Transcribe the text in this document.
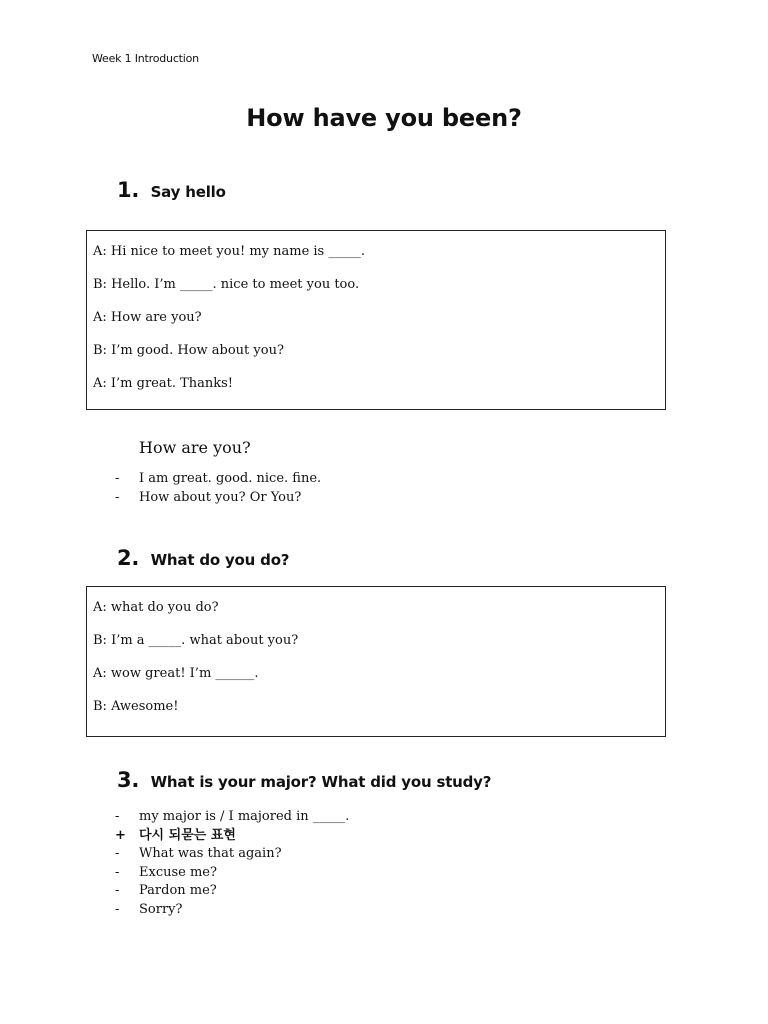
Week 1 Introduction
How have you been?
1. Say hello
A: Hi nice to meet you! my name is _____.
B: Hello. I’m _____. nice to meet you too.
A: How are you?
B: I’m good. How about you?
A: I’m great. Thanks!
How are you?
- I am great. good. nice. fine.
- How about you? Or You?
2. What do you do?
A: what do you do?
B: I’m a _____. what about you?
A: wow great! I’m ______.
B: Awesome!
3. What is your major? What did you study?
- my major is / I majored in _____.
+ 다시 되묻는 표현
- What was that again?
- Excuse me?
- Pardon me?
- Sorry?
